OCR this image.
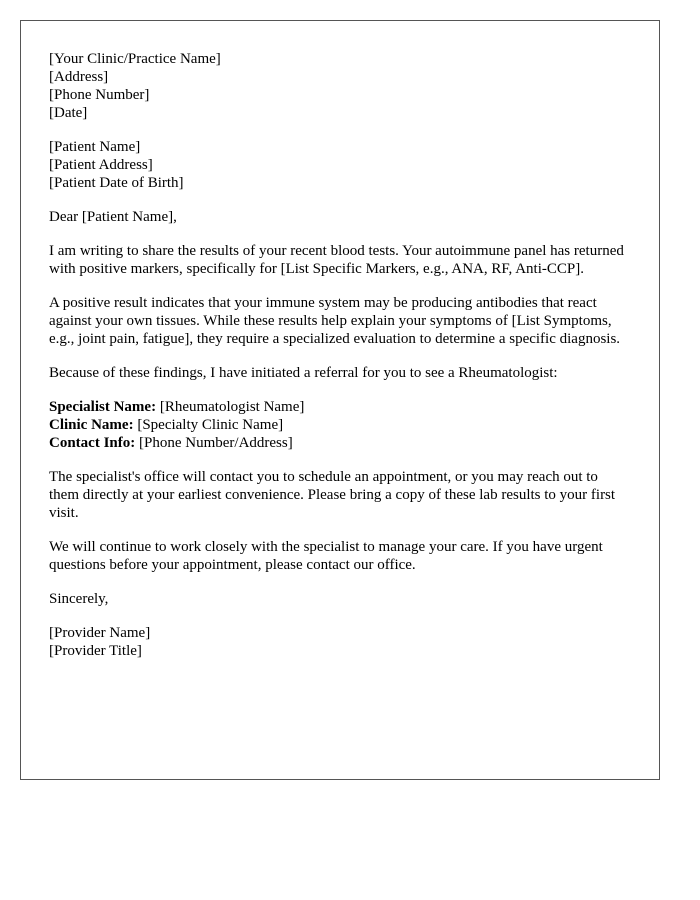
[Your Clinic/Practice Name]
[Address]
[Phone Number]
[Date]
[Patient Name]
[Patient Address]
[Patient Date of Birth]

Dear [Patient Name],

I am writing to share the results of your recent blood tests. Your autoimmune panel has returned with positive markers, specifically for [List Specific Markers, e.g., ANA, RF, Anti-CCP].

A positive result indicates that your immune system may be producing antibodies that react against your own tissues. While these results help explain your symptoms of [List Symptoms, e.g., joint pain, fatigue], they require a specialized evaluation to determine a specific diagnosis.

Because of these findings, I have initiated a referral for you to see a Rheumatologist:

Specialist Name: [Rheumatologist Name]
Clinic Name: [Specialty Clinic Name]
Contact Info: [Phone Number/Address]

The specialist's office will contact you to schedule an appointment, or you may reach out to them directly at your earliest convenience. Please bring a copy of these lab results to your first visit.

We will continue to work closely with the specialist to manage your care. If you have urgent questions before your appointment, please contact our office.

Sincerely,

[Provider Name]
[Provider Title]
